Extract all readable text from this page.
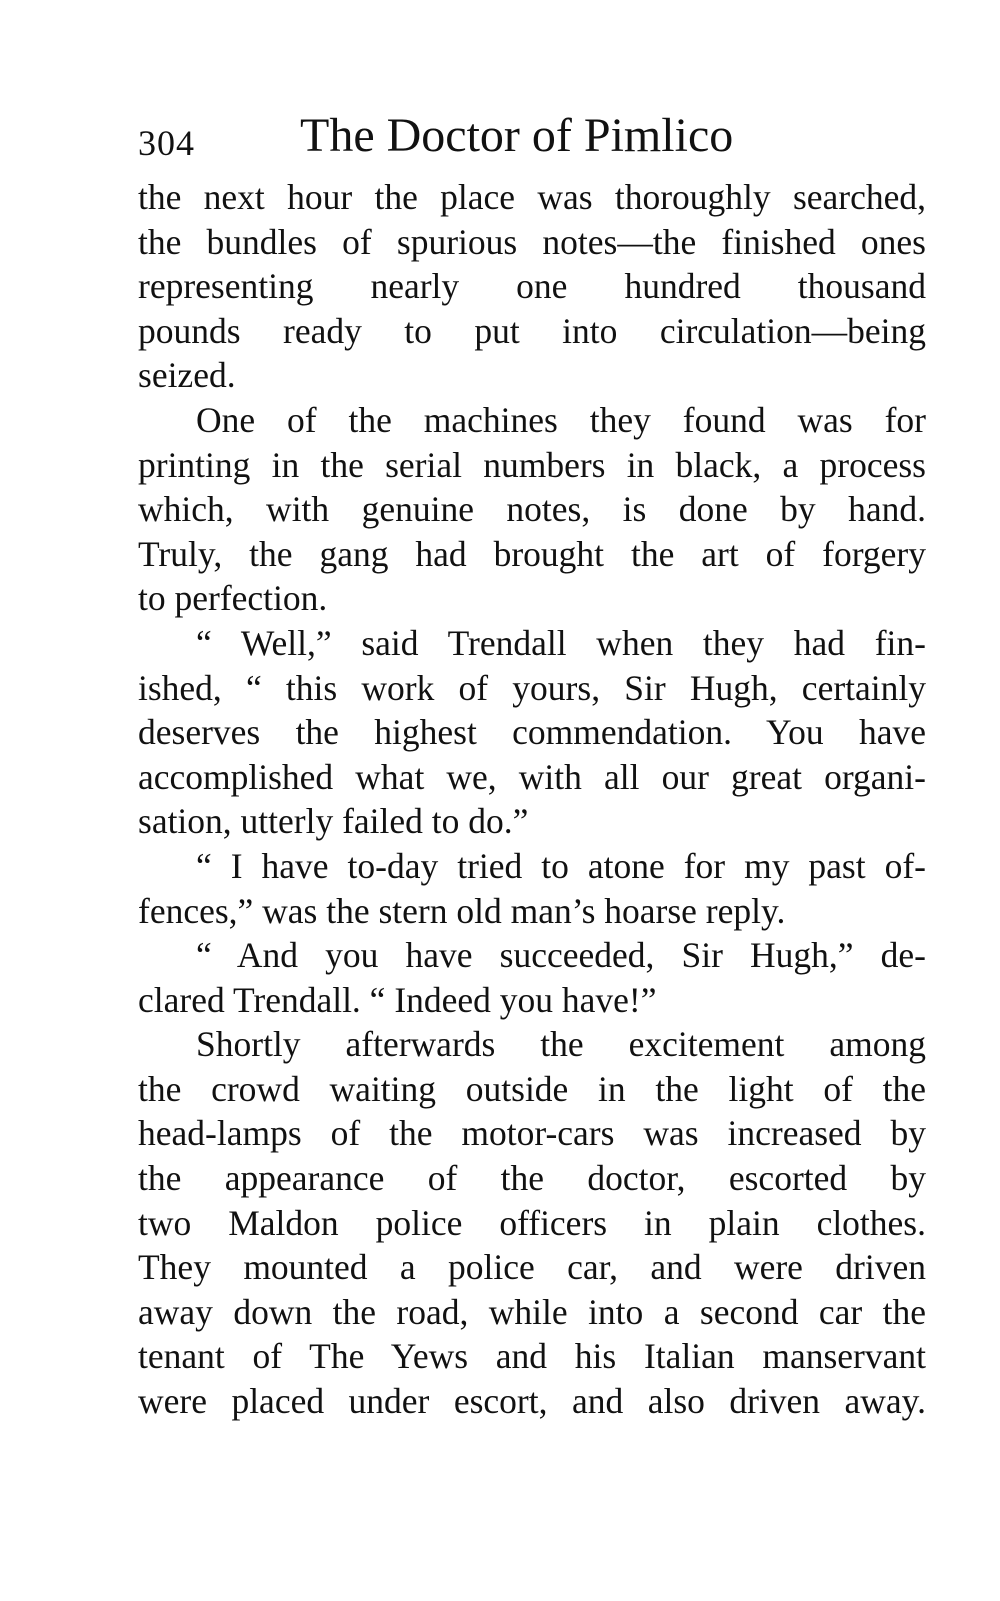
304 The Doctor of Pimlico
the next hour the place was thoroughly searched,
the bundles of spurious notes—the finished ones
representing nearly one hundred thousand
pounds ready to put into circulation—being
seized.
One of the machines they found was for
printing in the serial numbers in black, a process
which, with genuine notes, is done by hand.
Truly, the gang had brought the art of forgery
to perfection.
“ Well,” said Trendall when they had fin-
ished, “ this work of yours, Sir Hugh, certainly
deserves the highest commendation. You have
accomplished what we, with all our great organi-
sation, utterly failed to do.”
“ I have to-day tried to atone for my past of-
fences,” was the stern old man’s hoarse reply.
“ And you have succeeded, Sir Hugh,” de-
clared Trendall. “ Indeed you have!”
Shortly afterwards the excitement among
the crowd waiting outside in the light of the
head-lamps of the motor-cars was increased by
the appearance of the doctor, escorted by
two Maldon police officers in plain clothes.
They mounted a police car, and were driven
away down the road, while into a second car the
tenant of The Yews and his Italian manservant
were placed under escort, and also driven away.
